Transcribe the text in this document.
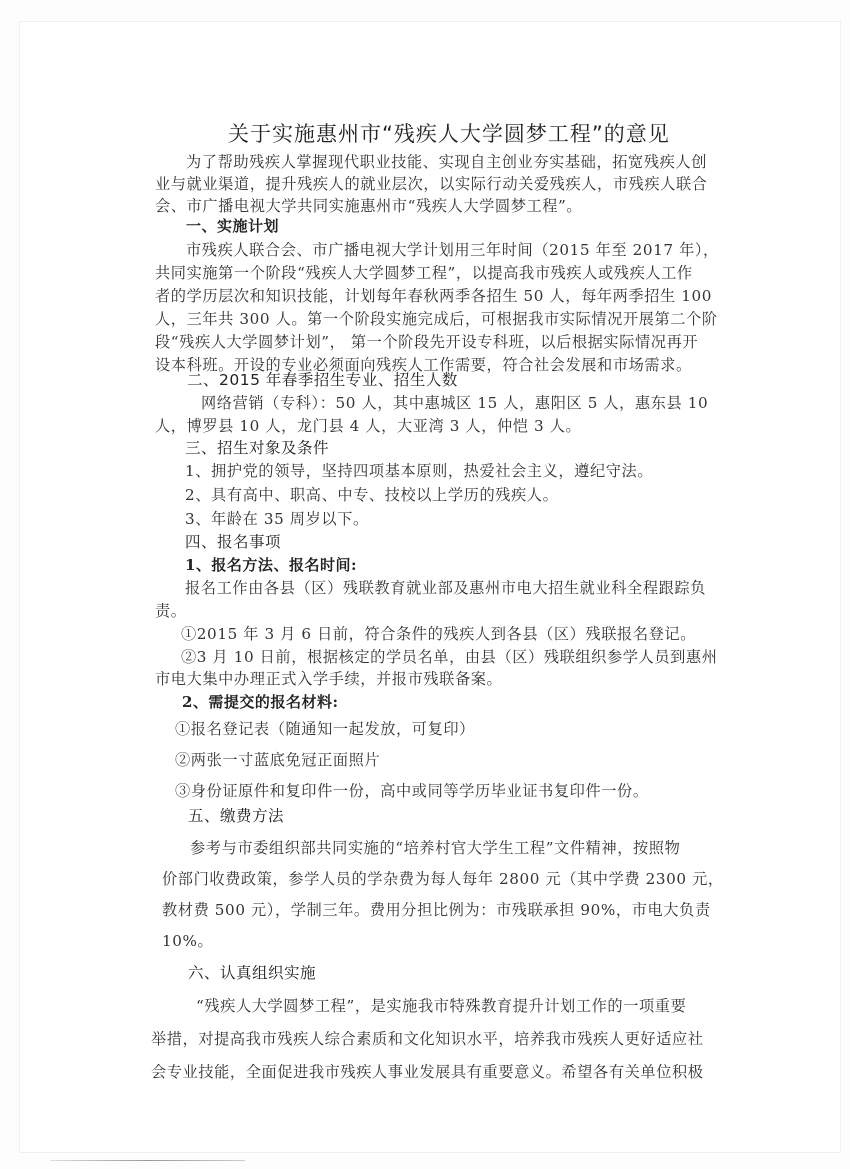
关于实施惠州市“残疾人大学圆梦工程”的意见
为了帮助残疾人掌握现代职业技能、实现自主创业夯实基础，拓宽残疾人创
业与就业渠道，提升残疾人的就业层次，以实际行动关爱残疾人，市残疾人联合
会、市广播电视大学共同实施惠州市“残疾人大学圆梦工程”。
一、实施计划
市残疾人联合会、市广播电视大学计划用三年时间（2015 年至 2017 年），
共同实施第一个阶段“残疾人大学圆梦工程”，以提高我市残疾人或残疾人工作
者的学历层次和知识技能，计划每年春秋两季各招生 50 人，每年两季招生 100
人，三年共 300 人。第一个阶段实施完成后，可根据我市实际情况开展第二个阶
段“残疾人大学圆梦计划”， 第一个阶段先开设专科班，以后根据实际情况再开
设本科班。开设的专业必须面向残疾人工作需要，符合社会发展和市场需求。
二、2015 年春季招生专业、招生人数
网络营销（专科）：50 人，其中惠城区 15 人，惠阳区 5 人，惠东县 10
人，博罗县 10 人，龙门县 4 人，大亚湾 3 人，仲恺 3 人。
三、招生对象及条件
1、拥护党的领导，坚持四项基本原则，热爱社会主义，遵纪守法。
2、具有高中、职高、中专、技校以上学历的残疾人。
3、年龄在 35 周岁以下。
四、报名事项
1、报名方法、报名时间:
报名工作由各县（区）残联教育就业部及惠州市电大招生就业科全程跟踪负
责。
①2015 年 3 月 6 日前，符合条件的残疾人到各县（区）残联报名登记。
②3 月 10 日前，根据核定的学员名单，由县（区）残联组织参学人员到惠州
市电大集中办理正式入学手续，并报市残联备案。
2、需提交的报名材料:
①报名登记表（随通知一起发放，可复印）
②两张一寸蓝底免冠正面照片
③身份证原件和复印件一份，高中或同等学历毕业证书复印件一份。
五、缴费方法
参考与市委组织部共同实施的“培养村官大学生工程”文件精神，按照物
价部门收费政策，参学人员的学杂费为每人每年 2800 元（其中学费 2300 元，
教材费 500 元），学制三年。费用分担比例为：市残联承担 90%，市电大负责
10%。
六、认真组织实施
“残疾人大学圆梦工程”，是实施我市特殊教育提升计划工作的一项重要
举措，对提高我市残疾人综合素质和文化知识水平，培养我市残疾人更好适应社
会专业技能，全面促进我市残疾人事业发展具有重要意义。希望各有关单位积极
